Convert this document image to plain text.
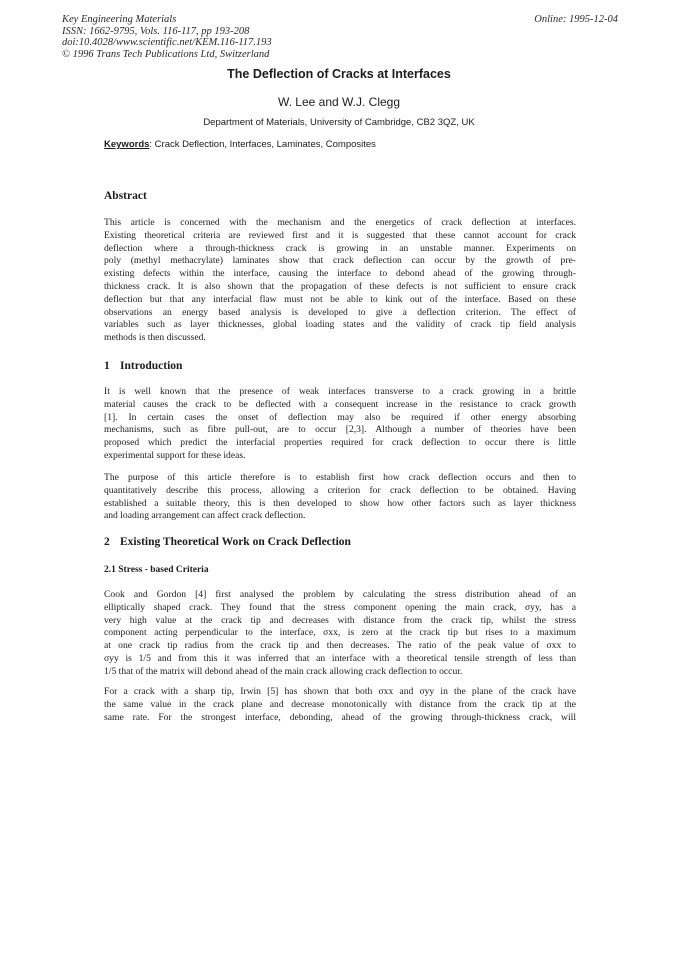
Key Engineering Materials
ISSN: 1662-9795, Vols. 116-117, pp 193-208
doi:10.4028/www.scientific.net/KEM.116-117.193
© 1996 Trans Tech Publications Ltd, Switzerland
Online: 1995-12-04
The Deflection of Cracks at Interfaces
W. Lee and W.J. Clegg
Department of Materials, University of Cambridge, CB2 3QZ, UK
Keywords: Crack Deflection, Interfaces, Laminates, Composites
Abstract
This article is concerned with the mechanism and the energetics of crack deflection at interfaces.
Existing theoretical criteria are reviewed first and it is suggested that these cannot account for crack
deflection where a through-thickness crack is growing in an unstable manner. Experiments on
poly (methyl methacrylate) laminates show that crack deflection can occur by the growth of pre-
existing defects within the interface, causing the interface to debond ahead of the growing through-
thickness crack. It is also shown that the propagation of these defects is not sufficient to ensure crack
deflection but that any interfacial flaw must not be able to kink out of the interface. Based on these
observations an energy based analysis is developed to give a deflection criterion. The effect of
variables such as layer thicknesses, global loading states and the validity of crack tip field analysis
methods is then discussed.
1 Introduction
It is well known that the presence of weak interfaces transverse to a crack growing in a brittle
material causes the crack to be deflected with a consequent increase in the resistance to crack growth
[1]. In certain cases the onset of deflection may also be required if other energy absorbing
mechanisms, such as fibre pull-out, are to occur [2,3]. Although a number of theories have been
proposed which predict the interfacial properties required for crack deflection to occur there is little
experimental support for these ideas.
The purpose of this article therefore is to establish first how crack deflection occurs and then to
quantitatively describe this process, allowing a criterion for crack deflection to be obtained. Having
established a suitable theory, this is then developed to show how other factors such as layer thickness
and loading arrangement can affect crack deflection.
2 Existing Theoretical Work on Crack Deflection
2.1 Stress - based Criteria
Cook and Gordon [4] first analysed the problem by calculating the stress distribution ahead of an
elliptically shaped crack. They found that the stress component opening the main crack, σyy, has a
very high value at the crack tip and decreases with distance from the crack tip, whilst the stress
component acting perpendicular to the interface, σxx, is zero at the crack tip but rises to a maximum
at one crack tip radius from the crack tip and then decreases. The ratio of the peak value of σxx to
σyy is 1/5 and from this it was inferred that an interface with a theoretical tensile strength of less than
1/5 that of the matrix will debond ahead of the main crack allowing crack deflection to occur.
For a crack with a sharp tip, Irwin [5] has shown that both σxx and σyy in the plane of the crack have
the same value in the crack plane and decrease monotonically with distance from the crack tip at the
same rate. For the strongest interface, debonding, ahead of the growing through-thickness crack, will
